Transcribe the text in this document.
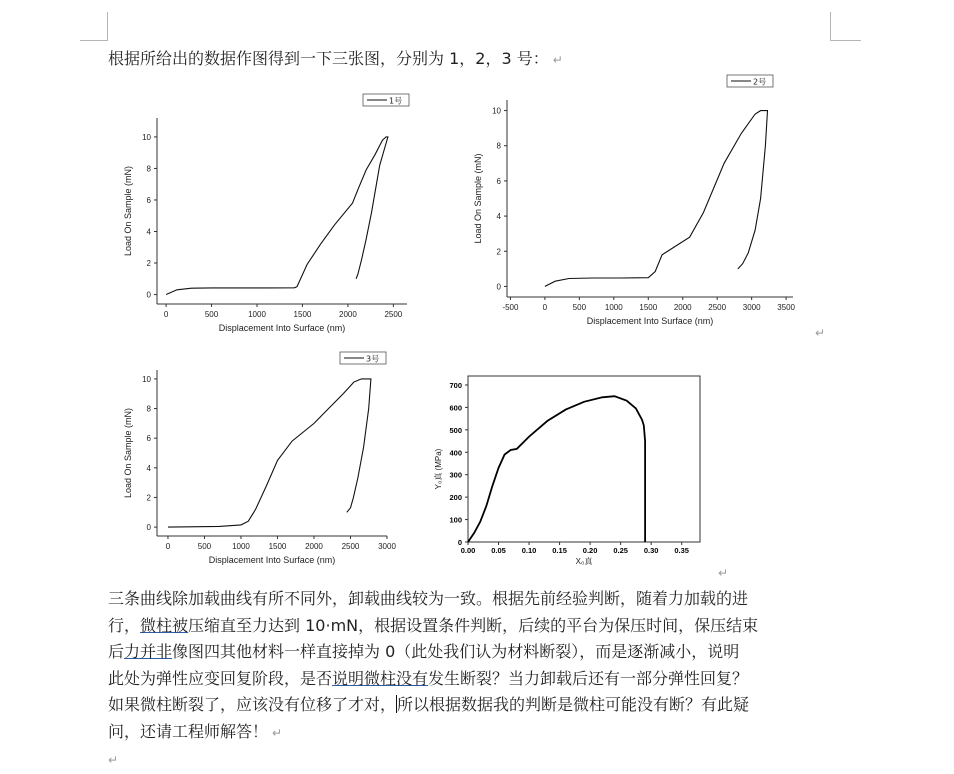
根据所给出的数据作图得到一下三张图，分别为 1，2，3 号： ↵
0	500	1000	1500	2000	2500
0
2
4
6
8
10
Displacement Into Surface (nm)
Load On Sample (mN)
1号
-500	0	500 1000 1500 2000 2500 3000 3500
0
2
4
6
8
10
Displacement Into Surface (nm)
Load On Sample (mN)
2号
↵
0	500	1000 1500 2000 2500 3000
0
2
4
6
8
10
Displacement Into Surface (nm)
Load On Sample (mN)
3号
0.00 0.05 0.10 0.15 0.20 0.25 0.30 0.35
0
100
200
300
400
500
600
700
X₀真
Y₀真 (MPa)
↵

三条曲线除加载曲线有所不同外，卸载曲线较为一致。根据先前经验判断，随着力加载的进

行，微柱被压缩直至力达到 10·mN，根据设置条件判断，后续的平台为保压时间，保压结束

后力并非像图四其他材料一样直接掉为 0（此处我们认为材料断裂），而是逐渐减小，说明

此处为弹性应变回复阶段，是否说明微柱没有发生断裂？当力卸载后还有一部分弹性回复？

如果微柱断裂了，应该没有位移了才对，所以根据数据我的判断是微柱可能没有断？有此疑

问，还请工程师解答！ ↵

↵
